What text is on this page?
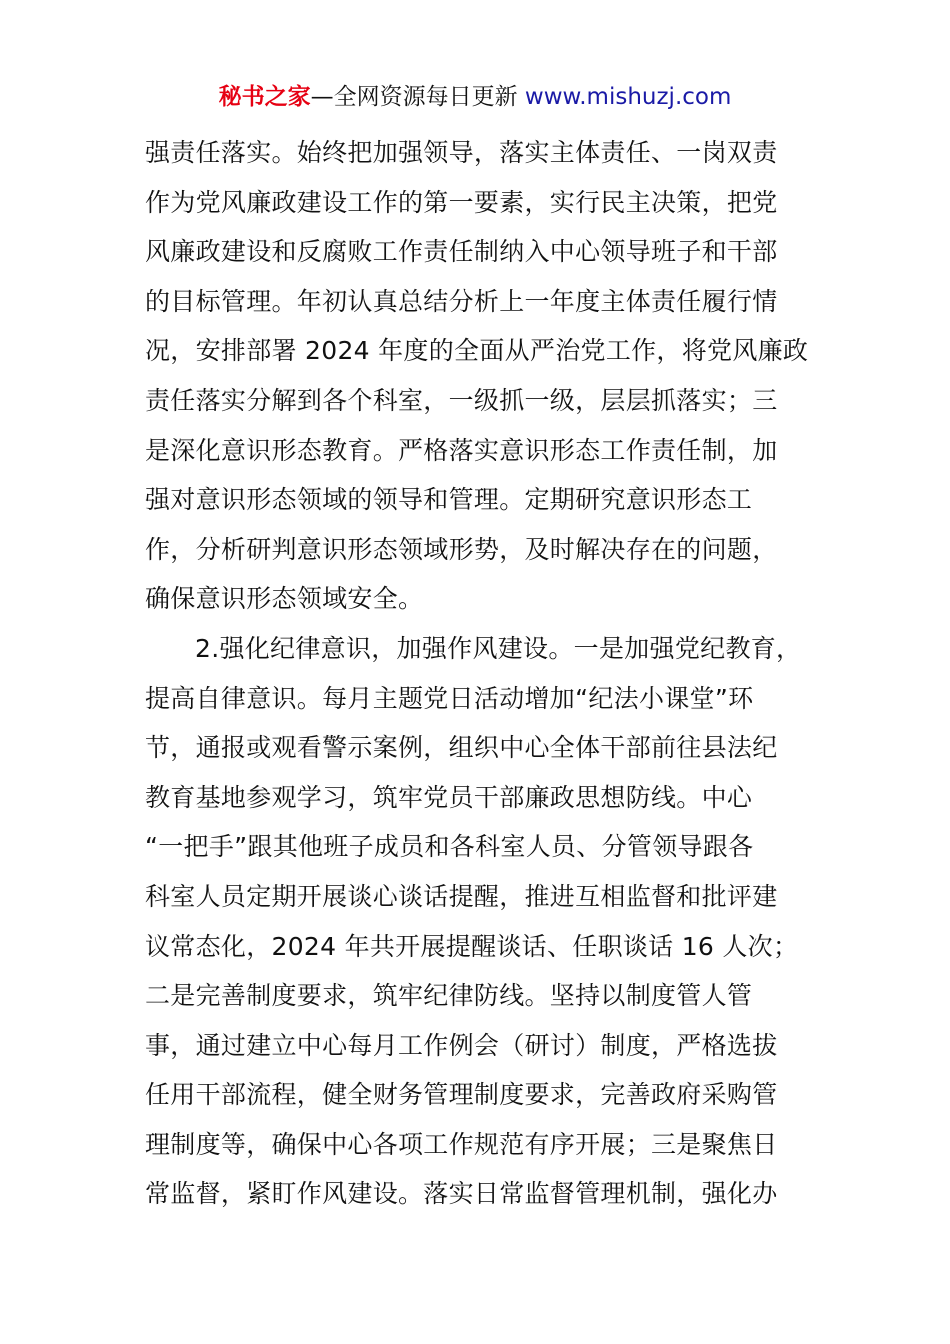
秘书之家—全网资源每日更新 www.mishuzj.com
强责任落实。始终把加强领导，落实主体责任、一岗双责
作为党风廉政建设工作的第一要素，实行民主决策，把党
风廉政建设和反腐败工作责任制纳入中心领导班子和干部
的目标管理。年初认真总结分析上一年度主体责任履行情
况，安排部署 2024 年度的全面从严治党工作，将党风廉政
责任落实分解到各个科室，一级抓一级，层层抓落实；三
是深化意识形态教育。严格落实意识形态工作责任制，加
强对意识形态领域的领导和管理。定期研究意识形态工
作，分析研判意识形态领域形势，及时解决存在的问题，
确保意识形态领域安全。
2.强化纪律意识，加强作风建设。一是加强党纪教育，
提高自律意识。每月主题党日活动增加“纪法小课堂”环
节，通报或观看警示案例，组织中心全体干部前往县法纪
教育基地参观学习，筑牢党员干部廉政思想防线。中心
“一把手”跟其他班子成员和各科室人员、分管领导跟各
科室人员定期开展谈心谈话提醒，推进互相监督和批评建
议常态化，2024 年共开展提醒谈话、任职谈话 16 人次；
二是完善制度要求，筑牢纪律防线。坚持以制度管人管
事，通过建立中心每月工作例会（研讨）制度，严格选拔
任用干部流程，健全财务管理制度要求，完善政府采购管
理制度等，确保中心各项工作规范有序开展；三是聚焦日
常监督，紧盯作风建设。落实日常监督管理机制，强化办
